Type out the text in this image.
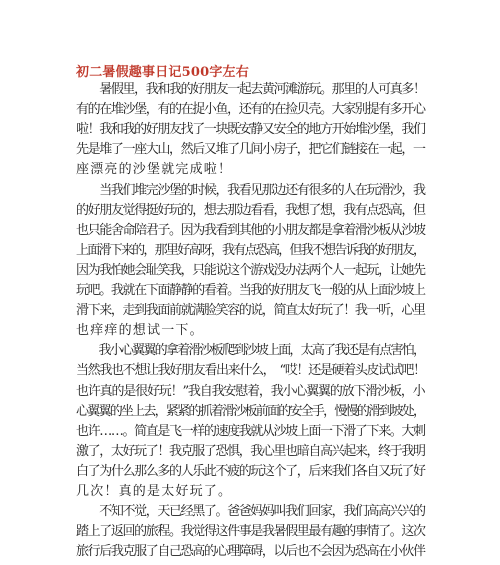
初二暑假趣事日记500字左右
　　暑假里，我和我的好朋友一起去黄河滩游玩。那里的人可真多！
有的在堆沙堡，有的在捉小鱼，还有的在捡贝壳。大家别提有多开心
啦！我和我的好朋友找了一块既安静又安全的地方开始堆沙堡，我们
先是堆了一座大山，然后又堆了几间小房子，把它们链接在一起，一
座漂亮的沙堡就完成啦！
　　当我们堆完沙堡的时候，我看见那边还有很多的人在玩滑沙，我
的好朋友觉得挺好玩的，想去那边看看，我想了想，我有点恐高，但
也只能舍命陪君子。因为我看到其他的小朋友都是拿着滑沙板从沙坡
上面滑下来的，那里好高呀，我有点恐高，但我不想告诉我的好朋友，
因为我怕她会耻笑我，只能说这个游戏没办法两个人一起玩，让她先
玩吧。我就在下面静静的看着。当我的好朋友飞一般的从上面沙坡上
滑下来，走到我面前就满脸笑容的说，简直太好玩了！我一听，心里
也痒痒的想试一下。
　　我小心翼翼的拿着滑沙板爬到沙坡上面，太高了我还是有点害怕，
当然我也不想让我好朋友看出来什么，　“哎！还是硬着头皮试试吧！
也许真的是很好玩！”我自我安慰着，我小心翼翼的放下滑沙板，小
心翼翼的坐上去，紧紧的抓着滑沙板前面的安全手，慢慢的滑到坡处，
也许……。简直是飞一样的速度我就从沙坡上面一下滑了下来。大刺
激了，太好玩了！我克服了恐惧，我心里也暗自高兴起来，终于我明
白了为什么那么多的人乐此不疲的玩这个了，后来我们各自又玩了好
几次！真的是太好玩了。
　　不知不觉，天已经黑了。爸爸妈妈叫我们回家，我们高高兴兴的
踏上了返回的旅程。我觉得这件事是我暑假里最有趣的事情了。这次
旅行后我克服了自己恐高的心理障碍，以后也不会因为恐高在小伙伴
